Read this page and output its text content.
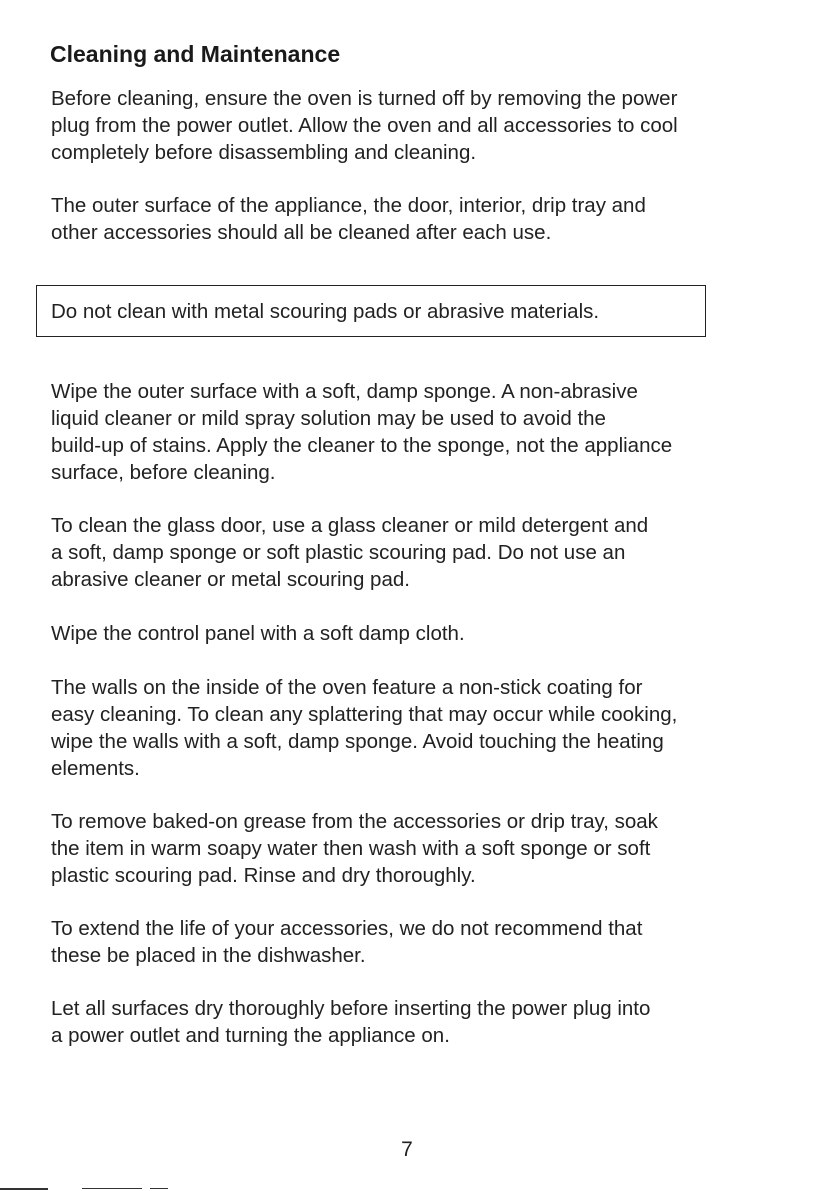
Cleaning and Maintenance

Before cleaning, ensure the oven is turned off by removing the power
plug from the power outlet. Allow the oven and all accessories to cool
completely before disassembling and cleaning.

The outer surface of the appliance, the door, interior, drip tray and
other accessories should all be cleaned after each use.

Do not clean with metal scouring pads or abrasive materials.

Wipe the outer surface with a soft, damp sponge. A non-abrasive
liquid cleaner or mild spray solution may be used to avoid the
build-up of stains. Apply the cleaner to the sponge, not the appliance
surface, before cleaning.

To clean the glass door, use a glass cleaner or mild detergent and
a soft, damp sponge or soft plastic scouring pad. Do not use an
abrasive cleaner or metal scouring pad.

Wipe the control panel with a soft damp cloth.

The walls on the inside of the oven feature a non-stick coating for
easy cleaning. To clean any splattering that may occur while cooking,
wipe the walls with a soft, damp sponge. Avoid touching the heating
elements.

To remove baked-on grease from the accessories or drip tray, soak
the item in warm soapy water then wash with a soft sponge or soft
plastic scouring pad. Rinse and dry thoroughly.

To extend the life of your accessories, we do not recommend that
these be placed in the dishwasher.

Let all surfaces dry thoroughly before inserting the power plug into
a power outlet and turning the appliance on.

7
